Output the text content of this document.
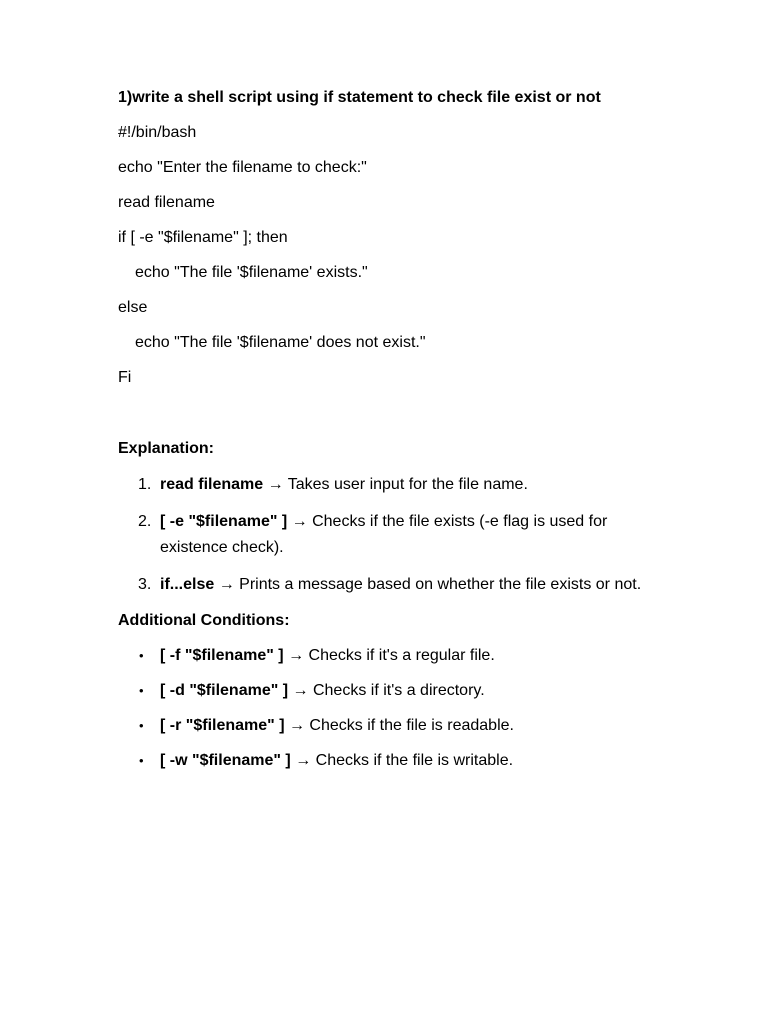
1)write a shell script using if statement to check file exist or not
#!/bin/bash
echo "Enter the filename to check:"
read filename
if [ -e "$filename" ]; then
echo "The file '$filename' exists."
else
echo "The file '$filename' does not exist."
Fi
Explanation:
1. read filename → Takes user input for the file name.
2. [ -e "$filename" ] → Checks if the file exists (-e flag is used for existence check).
3. if...else → Prints a message based on whether the file exists or not.
Additional Conditions:
• [ -f "$filename" ] → Checks if it's a regular file.
• [ -d "$filename" ] → Checks if it's a directory.
• [ -r "$filename" ] → Checks if the file is readable.
• [ -w "$filename" ] → Checks if the file is writable.
